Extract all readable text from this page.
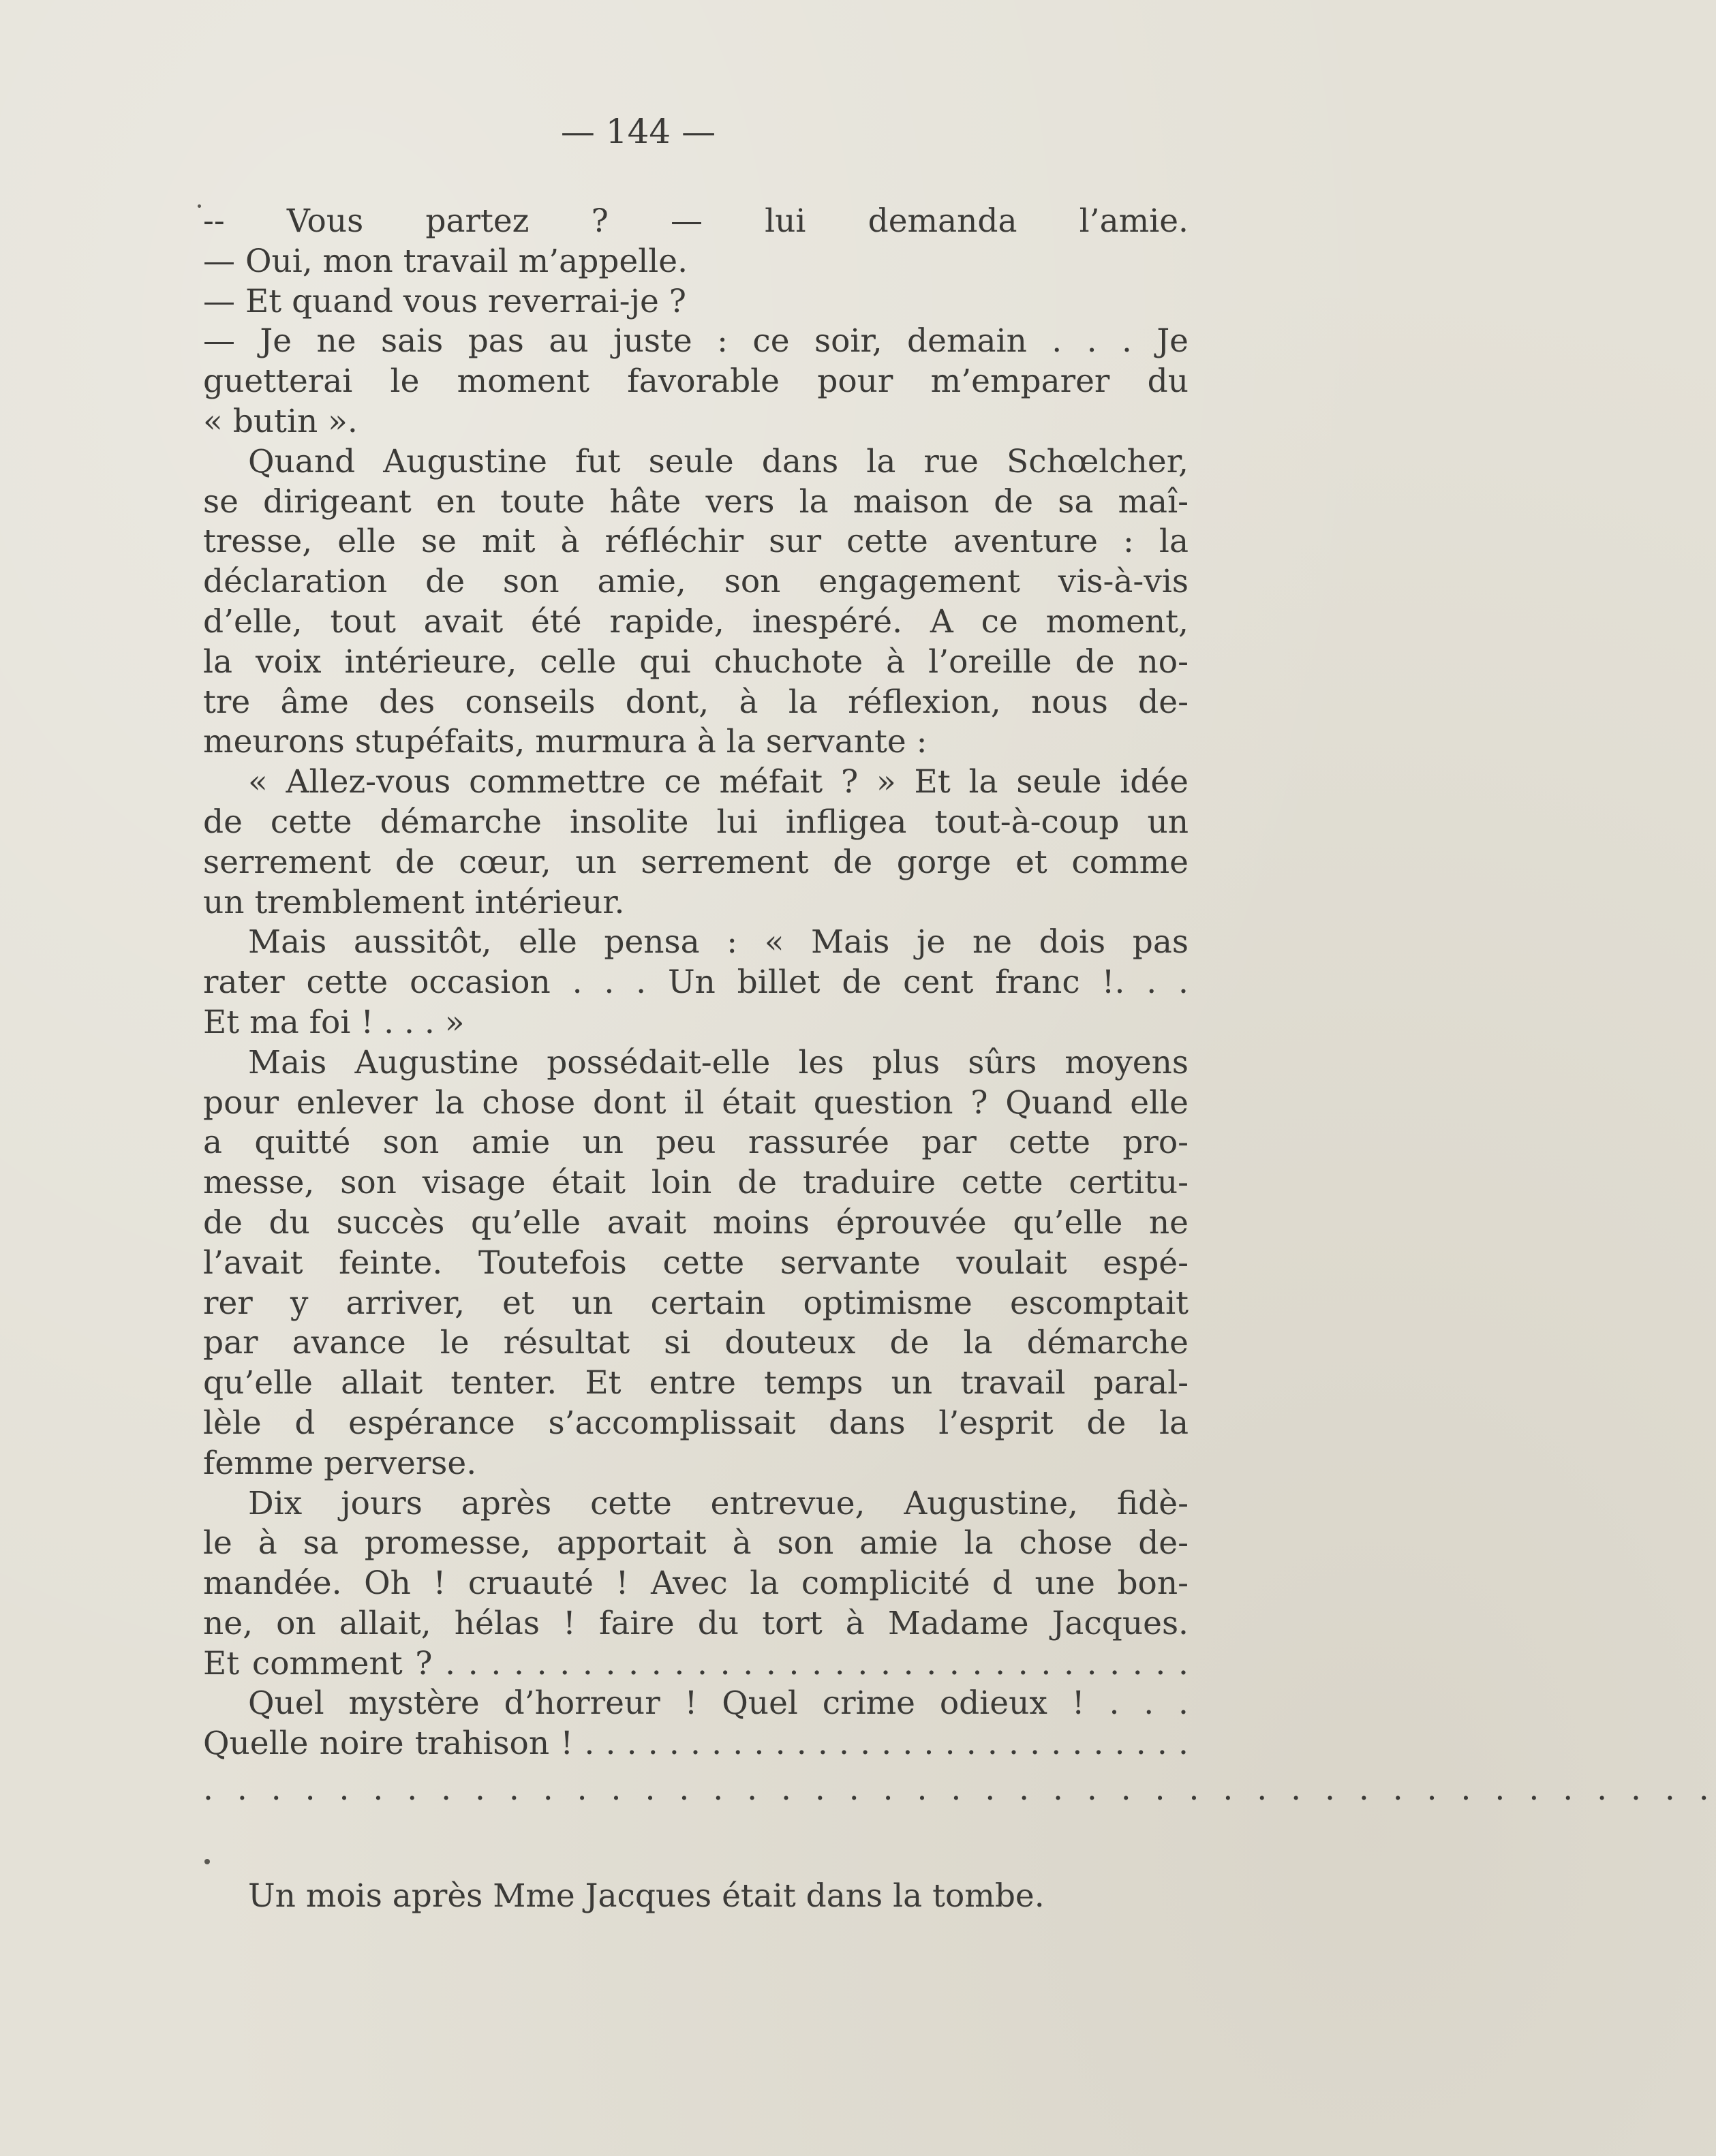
— 144 —
-- Vous partez ? — lui demanda l’amie.
— Oui, mon travail m’appelle.
— Et quand vous reverrai-je ?
— Je ne sais pas au juste : ce soir, demain . . . Je
guetterai le moment favorable pour m’emparer du
« butin ».
Quand Augustine fut seule dans la rue Schœlcher,
se dirigeant en toute hâte vers la maison de sa maî-
tresse, elle se mit à réfléchir sur cette aventure : la
déclaration de son amie, son engagement vis-à-vis
d’elle, tout avait été rapide, inespéré. A ce moment,
la voix intérieure, celle qui chuchote à l’oreille de no-
tre âme des conseils dont, à la réflexion, nous de-
meurons stupéfaits, murmura à la servante :
« Allez-vous commettre ce méfait ? » Et la seule idée
de cette démarche insolite lui infligea tout-à-coup un
serrement de cœur, un serrement de gorge et comme
un tremblement intérieur.
Mais aussitôt, elle pensa : « Mais je ne dois pas
rater cette occasion . . . Un billet de cent franc !. . .
Et ma foi ! . . . »
Mais Augustine possédait-elle les plus sûrs moyens
pour enlever la chose dont il était question ? Quand elle
a quitté son amie un peu rassurée par cette pro-
messe, son visage était loin de traduire cette certitu-
de du succès qu’elle avait moins éprouvée qu’elle ne
l’avait feinte. Toutefois cette servante voulait espé-
rer y arriver, et un certain optimisme escomptait
par avance le résultat si douteux de la démarche
qu’elle allait tenter. Et entre temps un travail paral-
lèle d espérance s’accomplissait dans l’esprit de la
femme perverse.
Dix jours après cette entrevue, Augustine, fidè-
le à sa promesse, apportait à son amie la chose de-
mandée. Oh ! cruauté ! Avec la complicité d une bon-
ne, on allait, hélas ! faire du tort à Madame Jacques.
Et comment ? . . . . . . . . . . . . . . . . . . . . . . . . . . . . . . . . .
Quel mystère d’horreur ! Quel crime odieux ! . . .
Quelle noire trahison ! . . . . . . . . . . . . . . . . . . . . . . . . . . . . .
. . . . . . . . . . . . . . . . . . . . . . . . . . . . . . . . . . . . . . . . . . . . .
Un mois après Mme Jacques était dans la tombe.
